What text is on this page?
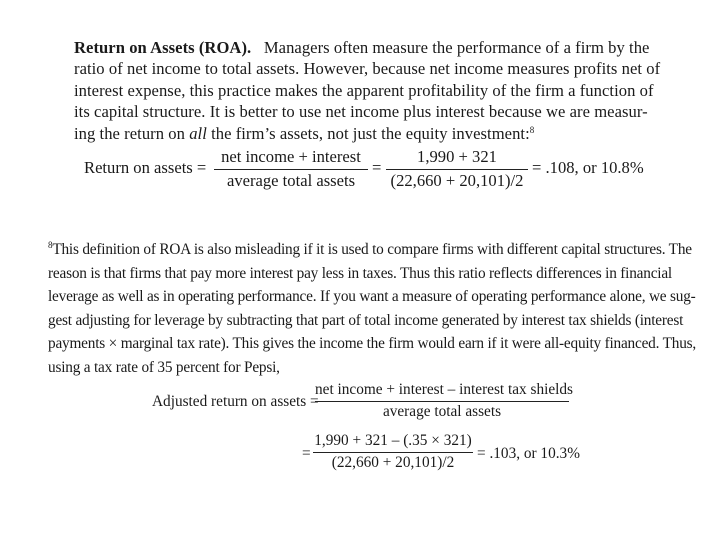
Return on Assets (ROA). Managers often measure the performance of a firm by the

ratio of net income to total assets. However, because net income measures profits net of

interest expense, this practice makes the apparent profitability of the firm a function of

its capital structure. It is better to use net income plus interest because we are measur-

ing the return on all the firm’s assets, not just the equity investment:$^8$

Return on assets =
net income + interest
average total assets
=
1,990 + 321
(22,660 + 20,101)/2
= .108, or 10.8%

$^8$This definition of ROA is also misleading if it is used to compare firms with different capital structures. The

reason is that firms that pay more interest pay less in taxes. Thus this ratio reflects differences in financial

leverage as well as in operating performance. If you want a measure of operating performance alone, we sug-

gest adjusting for leverage by subtracting that part of total income generated by interest tax shields (interest

payments × marginal tax rate). This gives the income the firm would earn if it were all-equity financed. Thus,

using a tax rate of 35 percent for Pepsi,

Adjusted return on assets =
net income + interest – interest tax shields
average total assets
=
1,990 + 321 – (.35 × 321)
(22,660 + 20,101)/2
= .103, or 10.3%
